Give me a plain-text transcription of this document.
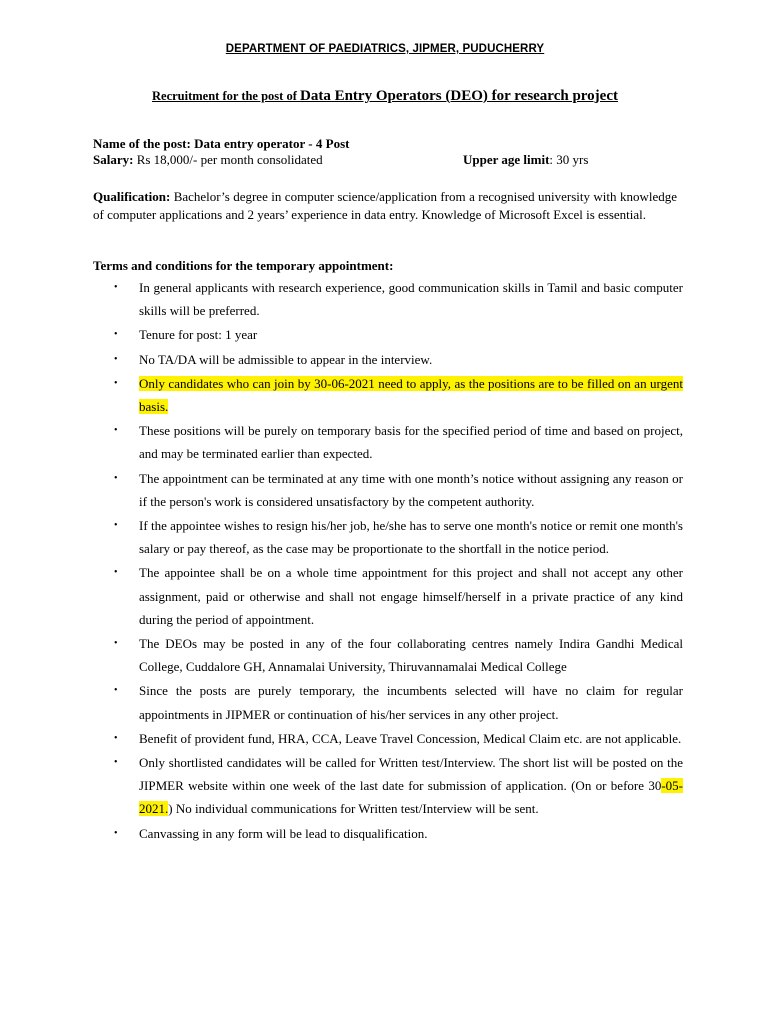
DEPARTMENT OF PAEDIATRICS, JIPMER, PUDUCHERRY
Recruitment for the post of Data Entry Operators (DEO) for research project
Name of the post: Data entry operator - 4 Post
Salary: Rs 18,000/- per month consolidated	Upper age limit: 30 yrs
Qualification: Bachelor’s degree in computer science/application from a recognised university with knowledge of computer applications and 2 years’ experience in data entry. Knowledge of Microsoft Excel is essential.
Terms and conditions for the temporary appointment:
• In general applicants with research experience, good communication skills in Tamil and basic computer skills will be preferred.
• Tenure for post: 1 year
• No TA/DA will be admissible to appear in the interview.
• Only candidates who can join by 30-06-2021 need to apply, as the positions are to be filled on an urgent basis.
• These positions will be purely on temporary basis for the specified period of time and based on project, and may be terminated earlier than expected.
• The appointment can be terminated at any time with one month’s notice without assigning any reason or if the person's work is considered unsatisfactory by the competent authority.
• If the appointee wishes to resign his/her job, he/she has to serve one month's notice or remit one month's salary or pay thereof, as the case may be proportionate to the shortfall in the notice period.
• The appointee shall be on a whole time appointment for this project and shall not accept any other assignment, paid or otherwise and shall not engage himself/herself in a private practice of any kind during the period of appointment.
• The DEOs may be posted in any of the four collaborating centres namely Indira Gandhi Medical College, Cuddalore GH, Annamalai University, Thiruvannamalai Medical College
• Since the posts are purely temporary, the incumbents selected will have no claim for regular appointments in JIPMER or continuation of his/her services in any other project.
• Benefit of provident fund, HRA, CCA, Leave Travel Concession, Medical Claim etc. are not applicable.
• Only shortlisted candidates will be called for Written test/Interview. The short list will be posted on the JIPMER website within one week of the last date for submission of application. (On or before 30-05-2021.) No individual communications for Written test/Interview will be sent.
• Canvassing in any form will be lead to disqualification.
